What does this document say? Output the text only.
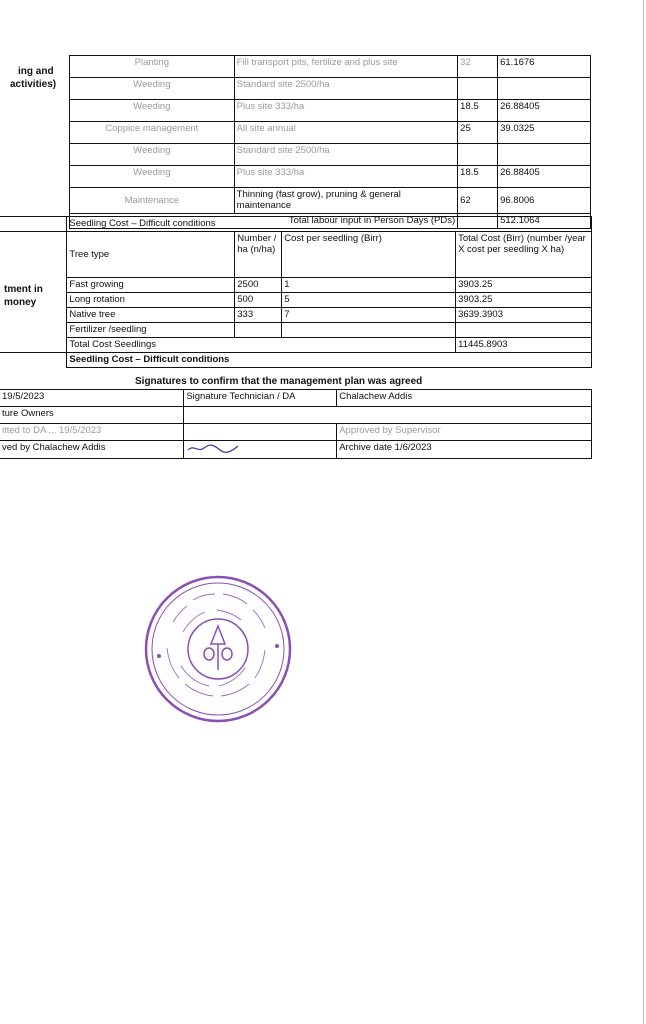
ing and
activities)
tment in
money
Planting	Fill transport pits, fertilize and plus site	32	61.1676
Weeding	Standard site 2500/ha		
Weeding	Plus site 333/ha	18.5	26.88405
Coppice management	All site annual	25	39.0325
Weeding	Standard site 2500/ha		
Weeding	Plus site 333/ha	18.5	26.88405
Maintenance	Thinning (fast grow), pruning & general maintenance	62	96.8006
Total labour input in Person Days (PDs)			512.1064
	Seedling Cost – Difficult conditions			
	Tree type	Number / ha (n/ha)	Cost per seedling (Birr)	Total Cost (Birr) (number /year X cost per seedling X ha)
	Fast growing	2500	1	3903.25
	Long rotation	500	5	3903.25
	Native tree	333	7	3639.3903
	Fertilizer /seedling			
	Total Cost Seedlings			11445.8903
	Seedling Cost – Difficult conditions			
Signatures to confirm that the management plan was agreed
19/5/2023	Signature Technician / DA	Chalachew Addis
ture Owners		
itted to DA ... 19/5/2023		Approved by Supervisor
ved by Chalachew Addis		Archive date 1/6/2023
